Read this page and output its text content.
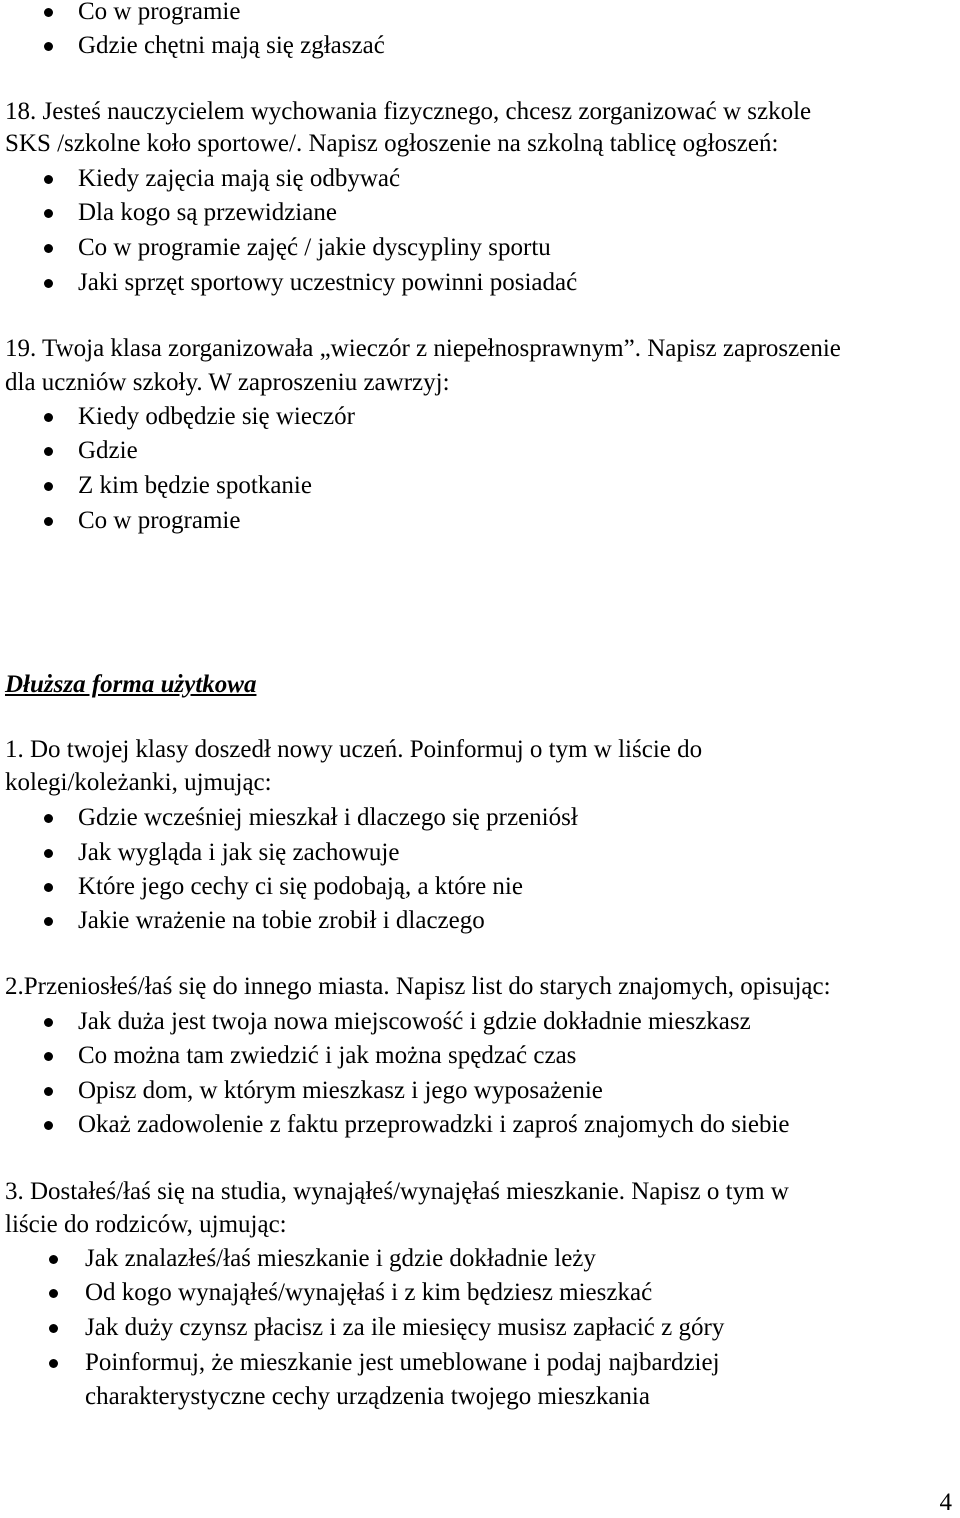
Co w programie
Gdzie chętni mają się zgłaszać
18. Jesteś nauczycielem wychowania fizycznego, chcesz zorganizować w szkole
SKS /szkolne koło sportowe/. Napisz ogłoszenie na szkolną tablicę ogłoszeń:
Kiedy zajęcia mają się odbywać
Dla kogo są przewidziane
Co w programie zajęć / jakie dyscypliny sportu
Jaki sprzęt sportowy uczestnicy powinni posiadać
19. Twoja klasa zorganizowała „wieczór z niepełnosprawnym”. Napisz zaproszenie
dla uczniów szkoły. W zaproszeniu zawrzyj:
Kiedy odbędzie się wieczór
Gdzie
Z kim będzie spotkanie
Co w programie
Dłuższa forma użytkowa
1. Do twojej klasy doszedł nowy uczeń. Poinformuj o tym w liście do
kolegi/koleżanki, ujmując:
Gdzie wcześniej mieszkał i dlaczego się przeniósł
Jak wygląda i jak się zachowuje
Które jego cechy ci się podobają, a które nie
Jakie wrażenie na tobie zrobił i dlaczego
2.Przeniosłeś/łaś się do innego miasta. Napisz list do starych znajomych, opisując:
Jak duża jest twoja nowa miejscowość i gdzie dokładnie mieszkasz
Co można tam zwiedzić i jak można spędzać czas
Opisz dom, w którym mieszkasz i jego wyposażenie
Okaż zadowolenie z faktu przeprowadzki i zaproś znajomych do siebie
3. Dostałeś/łaś się na studia, wynająłeś/wynajęłaś mieszkanie. Napisz o tym w
liście do rodziców, ujmując:
Jak znalazłeś/łaś mieszkanie i gdzie dokładnie leży
Od kogo wynająłeś/wynajęłaś i z kim będziesz mieszkać
Jak duży czynsz płacisz i za ile miesięcy musisz zapłacić z góry
Poinformuj, że mieszkanie jest umeblowane i podaj najbardziej
charakterystyczne cechy urządzenia twojego mieszkania
4
